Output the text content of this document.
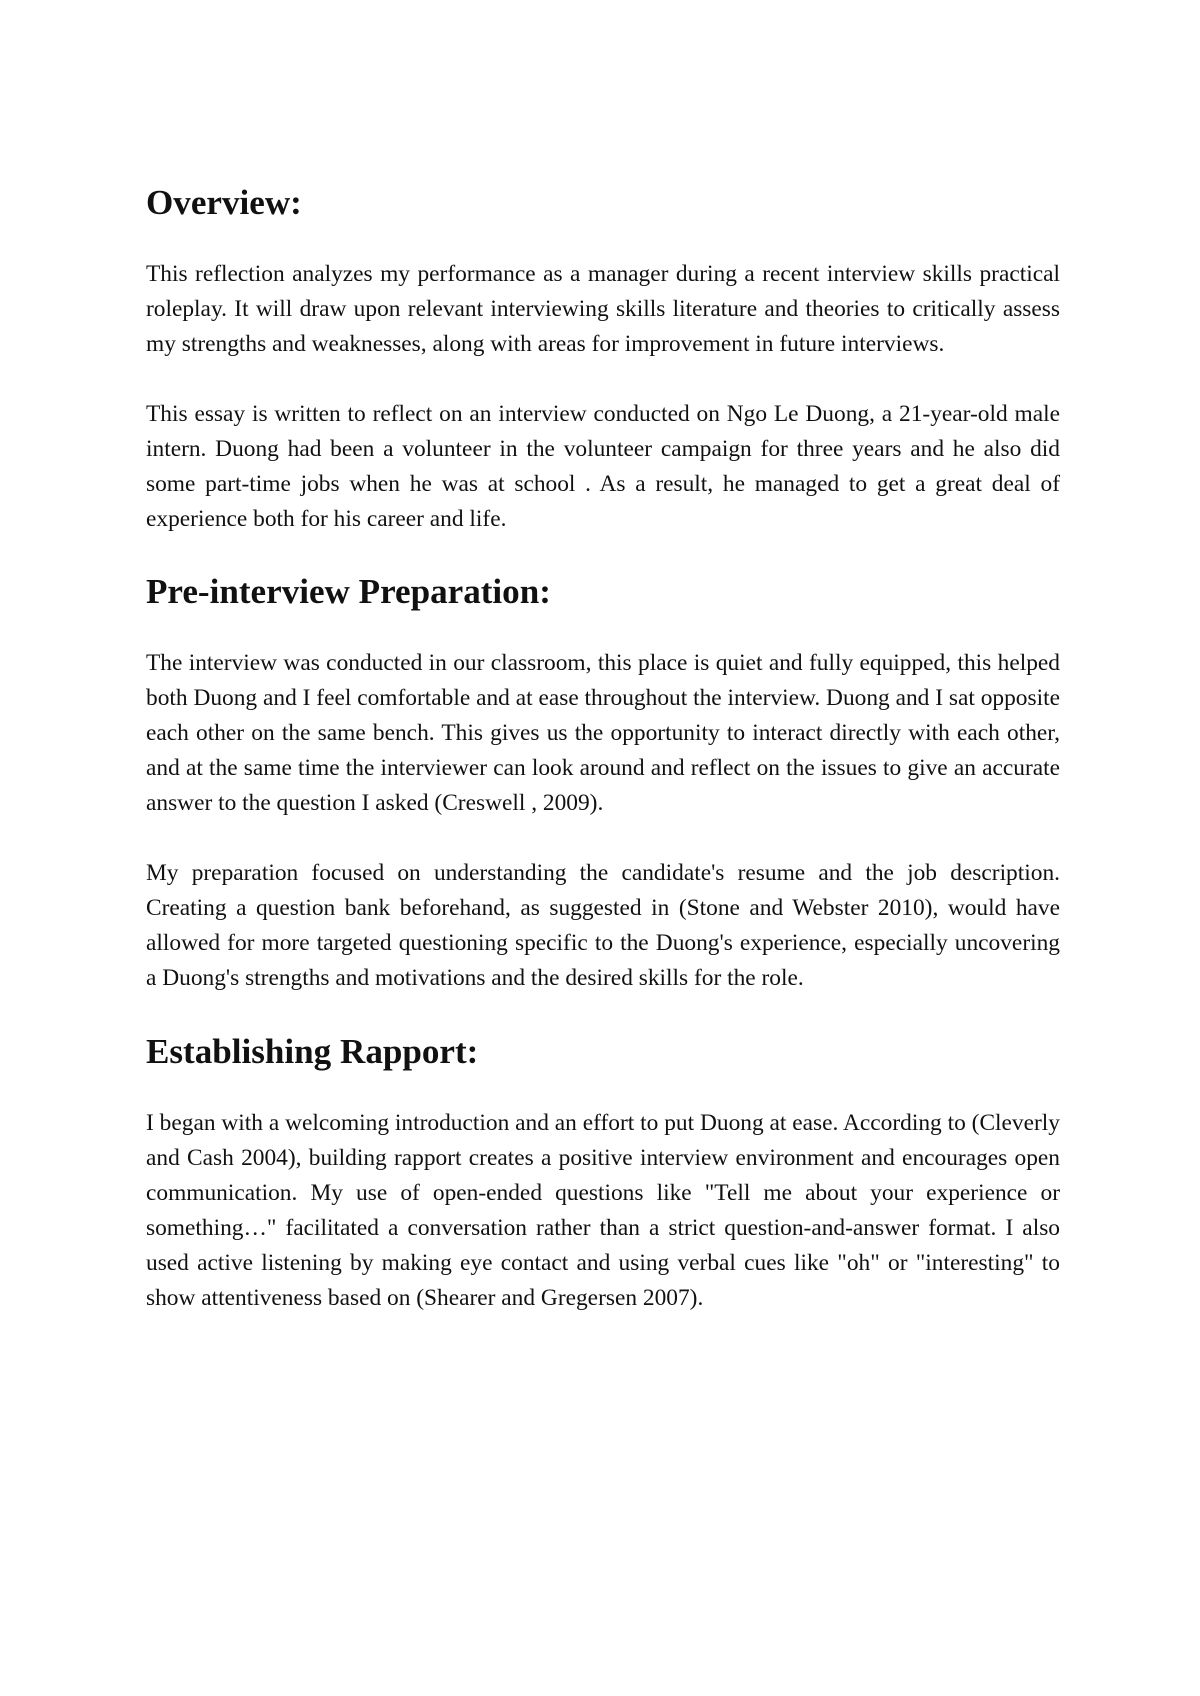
Overview:

This reflection analyzes my performance as a manager during a recent interview skills practical roleplay. It will draw upon relevant interviewing skills literature and theories to critically assess my strengths and weaknesses, along with areas for improvement in future interviews.

This essay is written to reflect on an interview conducted on Ngo Le Duong, a 21-year-old male intern. Duong had been a volunteer in the volunteer campaign for three years and he also did some part-time jobs when he was at school . As a result, he managed to get a great deal of experience both for his career and life.

Pre-interview Preparation:

The interview was conducted in our classroom, this place is quiet and fully equipped, this helped both Duong and I feel comfortable and at ease throughout the interview. Duong and I sat opposite each other on the same bench. This gives us the opportunity to interact directly with each other, and at the same time the interviewer can look around and reflect on the issues to give an accurate answer to the question I asked (Creswell , 2009).

My preparation focused on understanding the candidate's resume and the job description. Creating a question bank beforehand, as suggested in (Stone and Webster 2010), would have allowed for more targeted questioning specific to the Duong's experience, especially uncovering a Duong's strengths and motivations and the desired skills for the role.

Establishing Rapport:

I began with a welcoming introduction and an effort to put Duong at ease. According to (Cleverly and Cash 2004), building rapport creates a positive interview environment and encourages open communication. My use of open-ended questions like "Tell me about your experience or something…" facilitated a conversation rather than a strict question-and-answer format. I also used active listening by making eye contact and using verbal cues like "oh" or "interesting" to show attentiveness based on (Shearer and Gregersen 2007).
